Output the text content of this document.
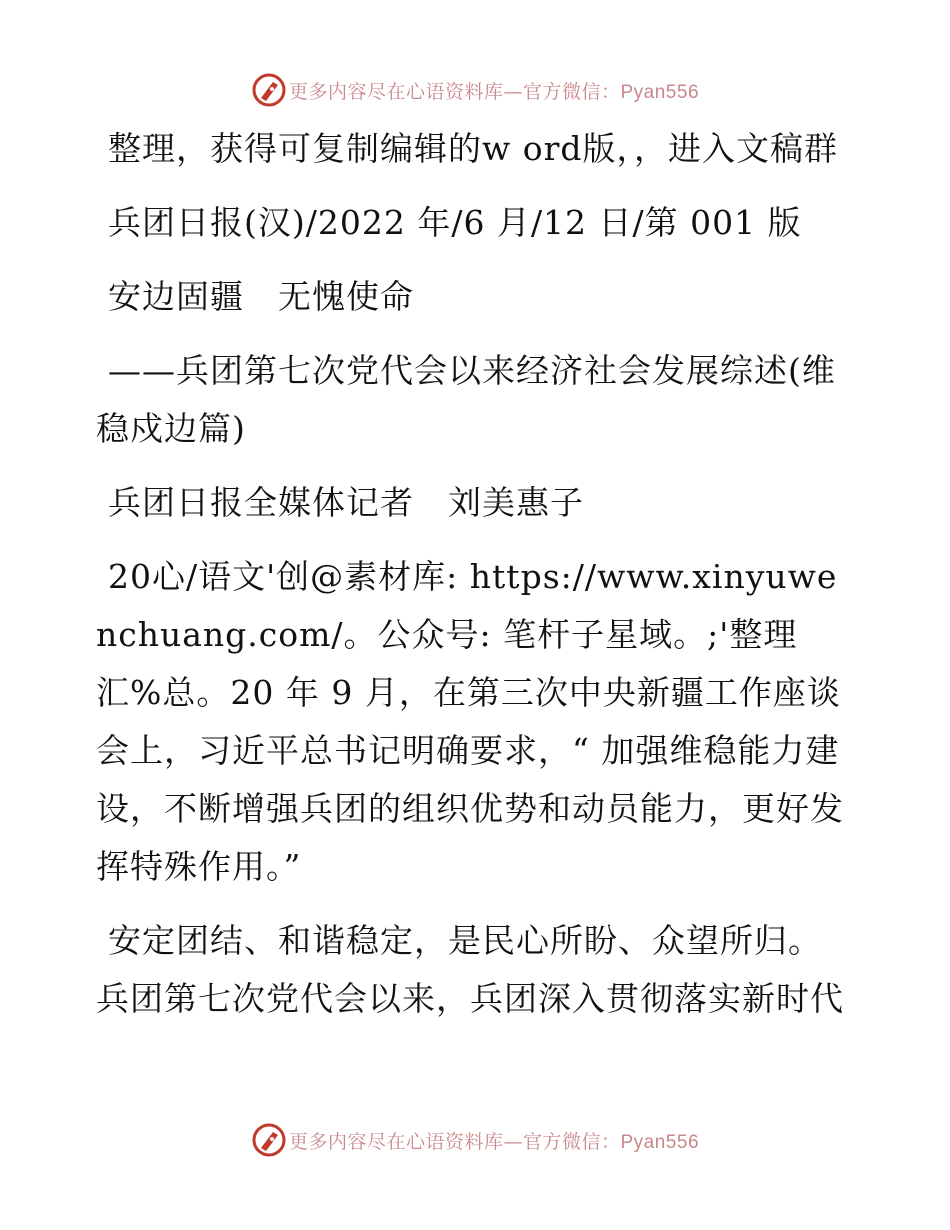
更多内容尽在心语资料库—官方微信：Pyan556

整理，获得可复制编辑的w ord版，，进入文稿群

兵团日报(汉)/2022 年/6 月/12 日/第 001 版

安边固疆　无愧使命

——兵团第七次党代会以来经济社会发展综述(维稳戍边篇)

兵团日报全媒体记者　刘美惠子

20心/语文'创@素材库: https://www.xinyuwenchuang.com/。公众号: 笔杆子星域。;'整理汇%总。20 年 9 月，在第三次中央新疆工作座谈会上，习近平总书记明确要求，“ 加强维稳能力建设，不断增强兵团的组织优势和动员能力，更好发挥特殊作用。”

安定团结、和谐稳定，是民心所盼、众望所归。兵团第七次党代会以来，兵团深入贯彻落实新时代

更多内容尽在心语资料库—官方微信：Pyan556
